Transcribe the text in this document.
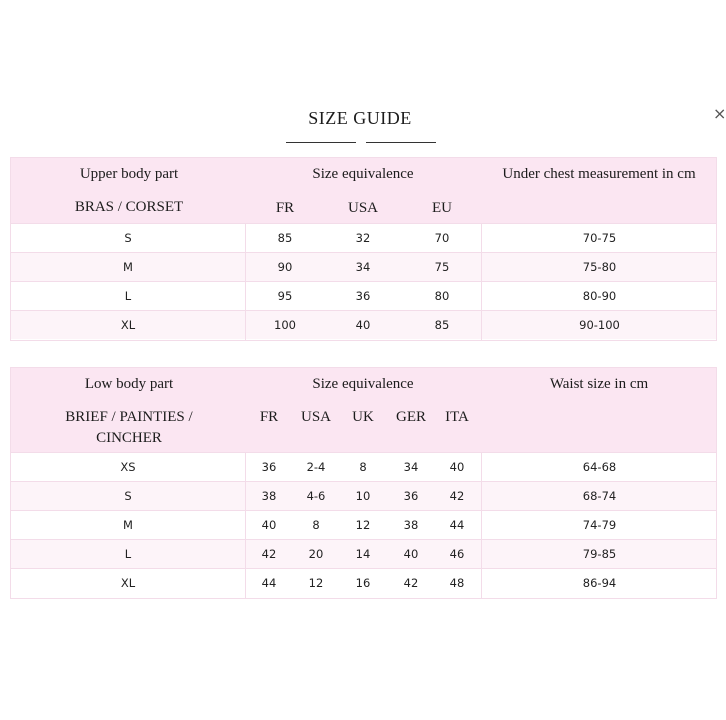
SIZE GUIDE	×
Upper body part
BRAS / CORSET
Size equivalence
FR	USA	EU
Under chest measurement in cm
S	85	32	70	70-75
M	90	34	75	75-80
L	95	36	80	80-90
XL	100	40	85	90-100
Low body part
BRIEF / PAINTIES /
CINCHER
Size equivalence
FR	USA	UK	GER	ITA
Waist size in cm
XS	36	2-4	8	34	40	64-68
S	38	4-6	10	36	42	68-74
M	40	8	12	38	44	74-79
L	42	20	14	40	46	79-85
XL	44	12	16	42	48	86-94
